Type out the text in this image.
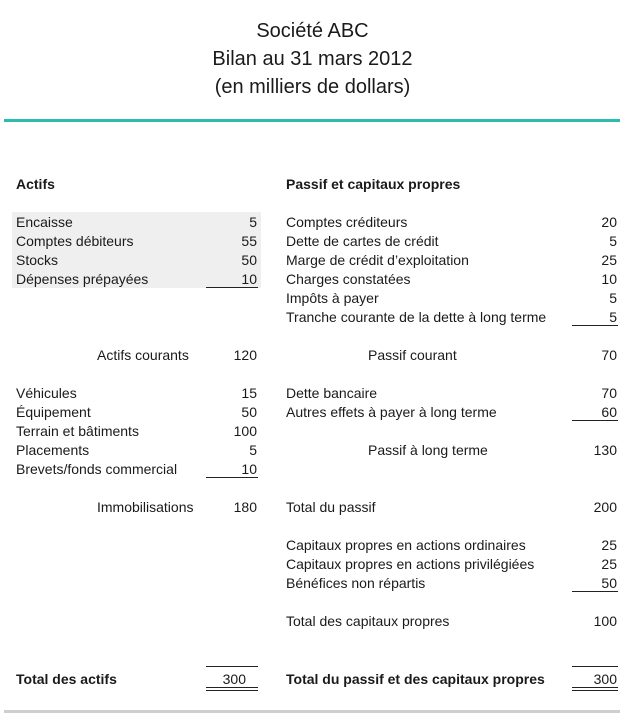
Société ABC
Bilan au 31 mars 2012
(en milliers de dollars)
Actifs
Encaisse	5
Comptes débiteurs	55
Stocks	50
Dépenses prépayées	10
Actifs courants	120
Véhicules	15
Équipement	50
Terrain et bâtiments	100
Placements	5
Brevets/fonds commercial	10
Immobilisations	180
Total des actifs	300
Passif et capitaux propres
Comptes créditeurs	20
Dette de cartes de crédit	5
Marge de crédit d’exploitation	25
Charges constatées	10
Impôts à payer	5
Tranche courante de la dette à long terme	5
Passif courant	70
Dette bancaire	70
Autres effets à payer à long terme	60
Passif à long terme	130
Total du passif	200
Capitaux propres en actions ordinaires	25
Capitaux propres en actions privilégiées	25
Bénéfices non répartis	50
Total des capitaux propres	100
Total du passif et des capitaux propres	300
